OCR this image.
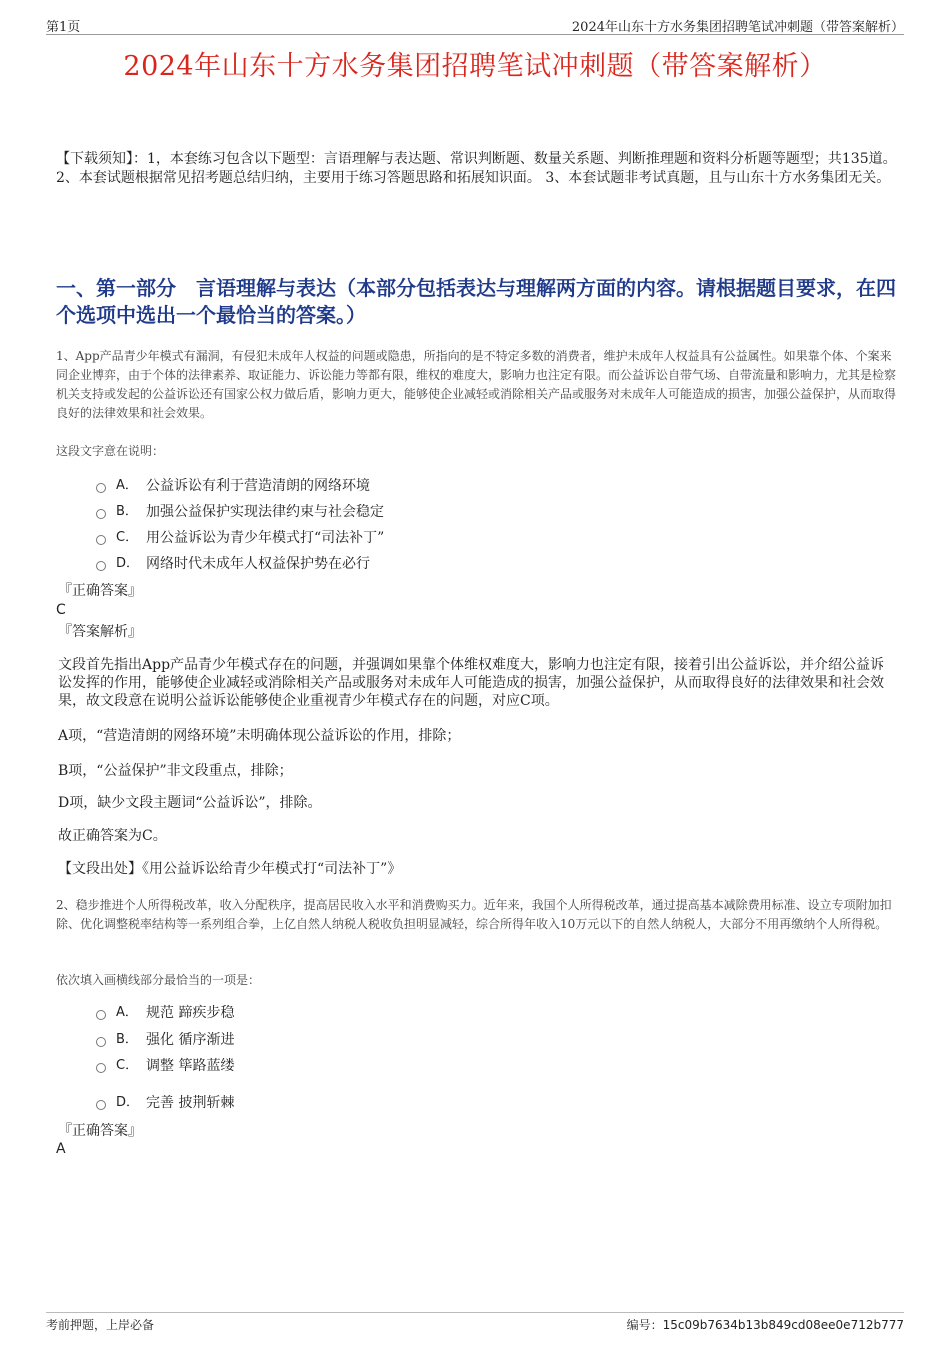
第1页	2024年山东十方水务集团招聘笔试冲刺题（带答案解析）
2024年山东十方水务集团招聘笔试冲刺题（带答案解析）

【下载须知】：1，本套练习包含以下题型：言语理解与表达题、常识判断题、数量关系题、判断推理题和资料分析题等题型；共135道。 2、本套试题根据常见招考题总结归纳，主要用于练习答题思路和拓展知识面。 3、本套试题非考试真题，且与山东十方水务集团无关。

一、第一部分　言语理解与表达（本部分包括表达与理解两方面的内容。请根据题目要求，在四个选项中选出一个最恰当的答案。）

1、App产品青少年模式有漏洞，有侵犯未成年人权益的问题或隐患，所指向的是不特定多数的消费者，维护未成年人权益具有公益属性。如果靠个体、个案来同企业博弈，由于个体的法律素养、取证能力、诉讼能力等都有限，维权的难度大，影响力也注定有限。而公益诉讼自带气场、自带流量和影响力，尤其是检察机关支持或发起的公益诉讼还有国家公权力做后盾，影响力更大，能够使企业减轻或消除相关产品或服务对未成年人可能造成的损害，加强公益保护，从而取得良好的法律效果和社会效果。

这段文字意在说明：

A． 公益诉讼有利于营造清朗的网络环境
B． 加强公益保护实现法律约束与社会稳定
C． 用公益诉讼为青少年模式打“司法补丁”
D． 网络时代未成年人权益保护势在必行

『正确答案』

C

『答案解析』

文段首先指出App产品青少年模式存在的问题，并强调如果靠个体维权难度大，影响力也注定有限，接着引出公益诉讼，并介绍公益诉讼发挥的作用，能够使企业减轻或消除相关产品或服务对未成年人可能造成的损害，加强公益保护，从而取得良好的法律效果和社会效果，故文段意在说明公益诉讼能够使企业重视青少年模式存在的问题，对应C项。

A项，“营造清朗的网络环境”未明确体现公益诉讼的作用，排除；

B项，“公益保护”非文段重点，排除；

D项，缺少文段主题词“公益诉讼”，排除。

故正确答案为C。

【文段出处】《用公益诉讼给青少年模式打“司法补丁”》

2、稳步推进个人所得税改革，收入分配秩序，提高居民收入水平和消费购买力。近年来，我国个人所得税改革，通过提高基本减除费用标准、设立专项附加扣除、优化调整税率结构等一系列组合拳，上亿自然人纳税人税收负担明显减轻，综合所得年收入10万元以下的自然人纳税人，大部分不用再缴纳个人所得税。

依次填入画横线部分最恰当的一项是：

A． 规范 蹄疾步稳
B． 强化 循序渐进
C． 调整 筚路蓝缕
D． 完善 披荆斩棘

『正确答案』

A

考前押题，上岸必备	编号：15c09b7634b13b849cd08ee0e712b777
